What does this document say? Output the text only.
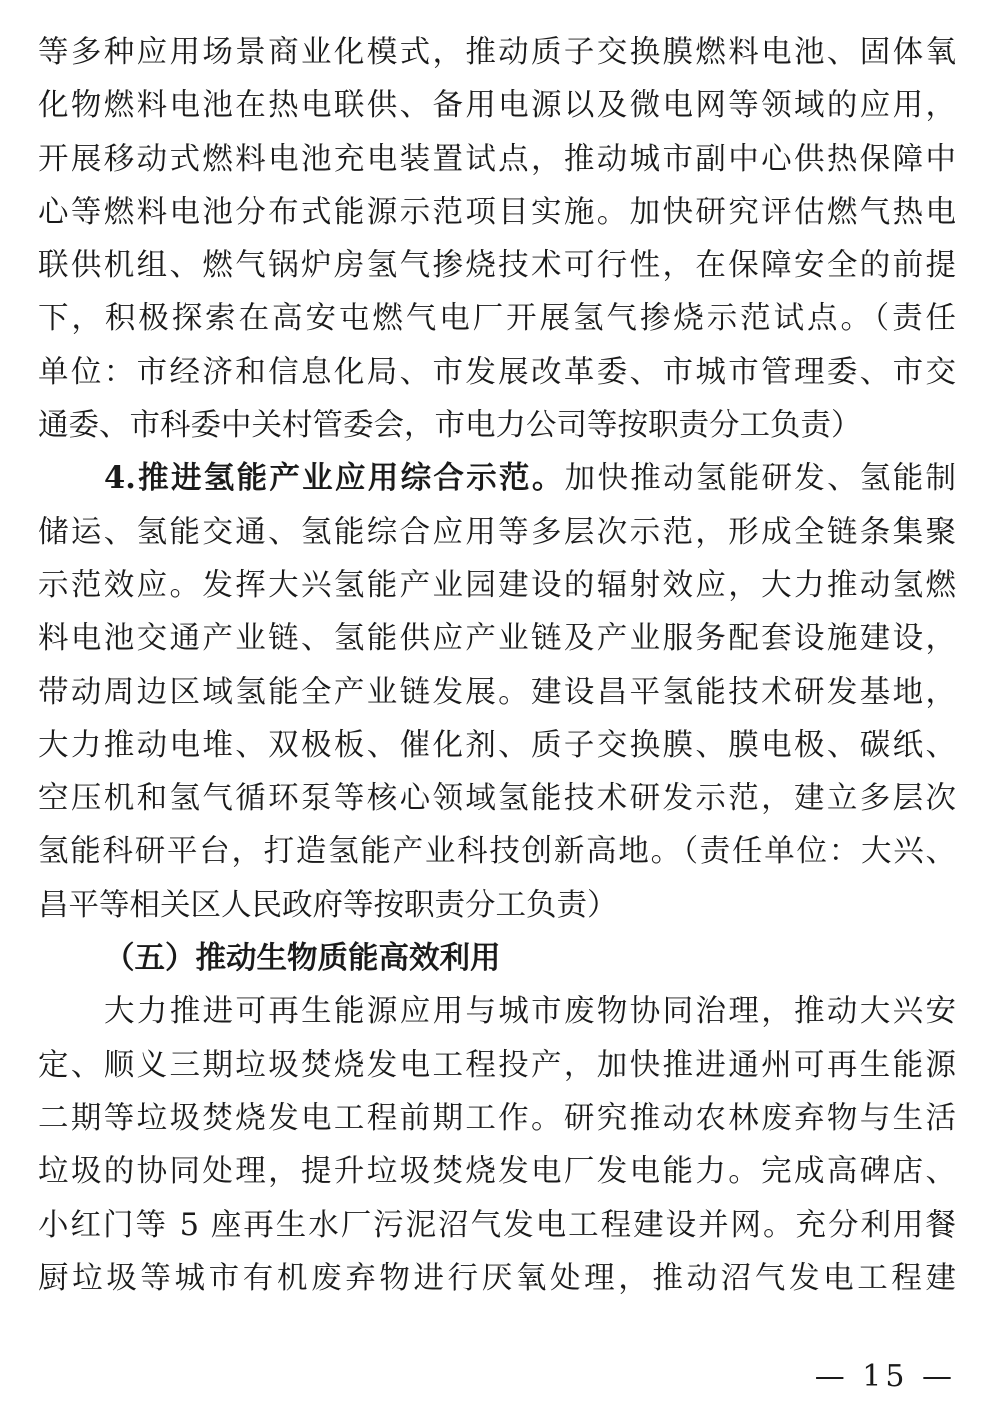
等多种应用场景商业化模式，推动质子交换膜燃料电池、固体氧
化物燃料电池在热电联供、备用电源以及微电网等领域的应用，
开展移动式燃料电池充电装置试点，推动城市副中心供热保障中
心等燃料电池分布式能源示范项目实施。加快研究评估燃气热电
联供机组、燃气锅炉房氢气掺烧技术可行性，在保障安全的前提
下，积极探索在高安屯燃气电厂开展氢气掺烧示范试点。（责任
单位：市经济和信息化局、市发展改革委、市城市管理委、市交
通委、市科委中关村管委会，市电力公司等按职责分工负责）
4.推进氢能产业应用综合示范。加快推动氢能研发、氢能制
储运、氢能交通、氢能综合应用等多层次示范，形成全链条集聚
示范效应。发挥大兴氢能产业园建设的辐射效应，大力推动氢燃
料电池交通产业链、氢能供应产业链及产业服务配套设施建设，
带动周边区域氢能全产业链发展。建设昌平氢能技术研发基地，
大力推动电堆、双极板、催化剂、质子交换膜、膜电极、碳纸、
空压机和氢气循环泵等核心领域氢能技术研发示范，建立多层次
氢能科研平台，打造氢能产业科技创新高地。（责任单位：大兴、
昌平等相关区人民政府等按职责分工负责）
（五）推动生物质能高效利用
大力推进可再生能源应用与城市废物协同治理，推动大兴安
定、顺义三期垃圾焚烧发电工程投产，加快推进通州可再生能源
二期等垃圾焚烧发电工程前期工作。研究推动农林废弃物与生活
垃圾的协同处理，提升垃圾焚烧发电厂发电能力。完成高碑店、
小红门等 5 座再生水厂污泥沼气发电工程建设并网。充分利用餐
厨垃圾等城市有机废弃物进行厌氧处理，推动沼气发电工程建
— 15 —
